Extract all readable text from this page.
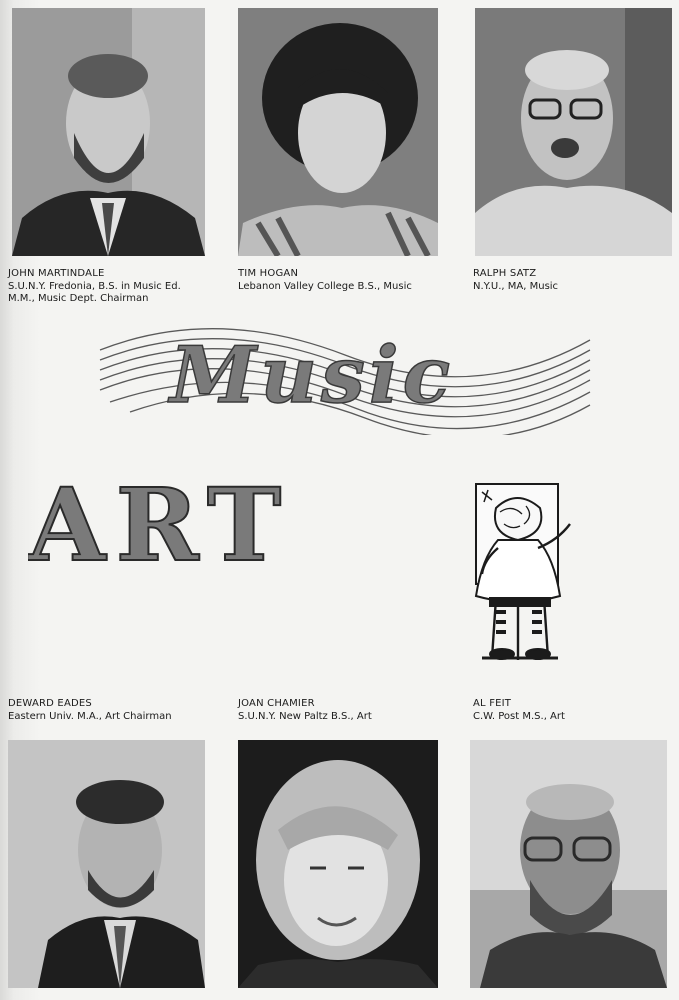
JOHN MARTINDALE
S.U.N.Y. Fredonia, B.S. in Music Ed.
M.M., Music Dept. Chairman
TIM HOGAN
Lebanon Valley College B.S., Music
RALPH SATZ
N.Y.U., MA, Music
Music
ART
DEWARD EADES
Eastern Univ. M.A., Art Chairman
JOAN CHAMIER
S.U.N.Y. New Paltz B.S., Art
AL FEIT
C.W. Post M.S., Art
